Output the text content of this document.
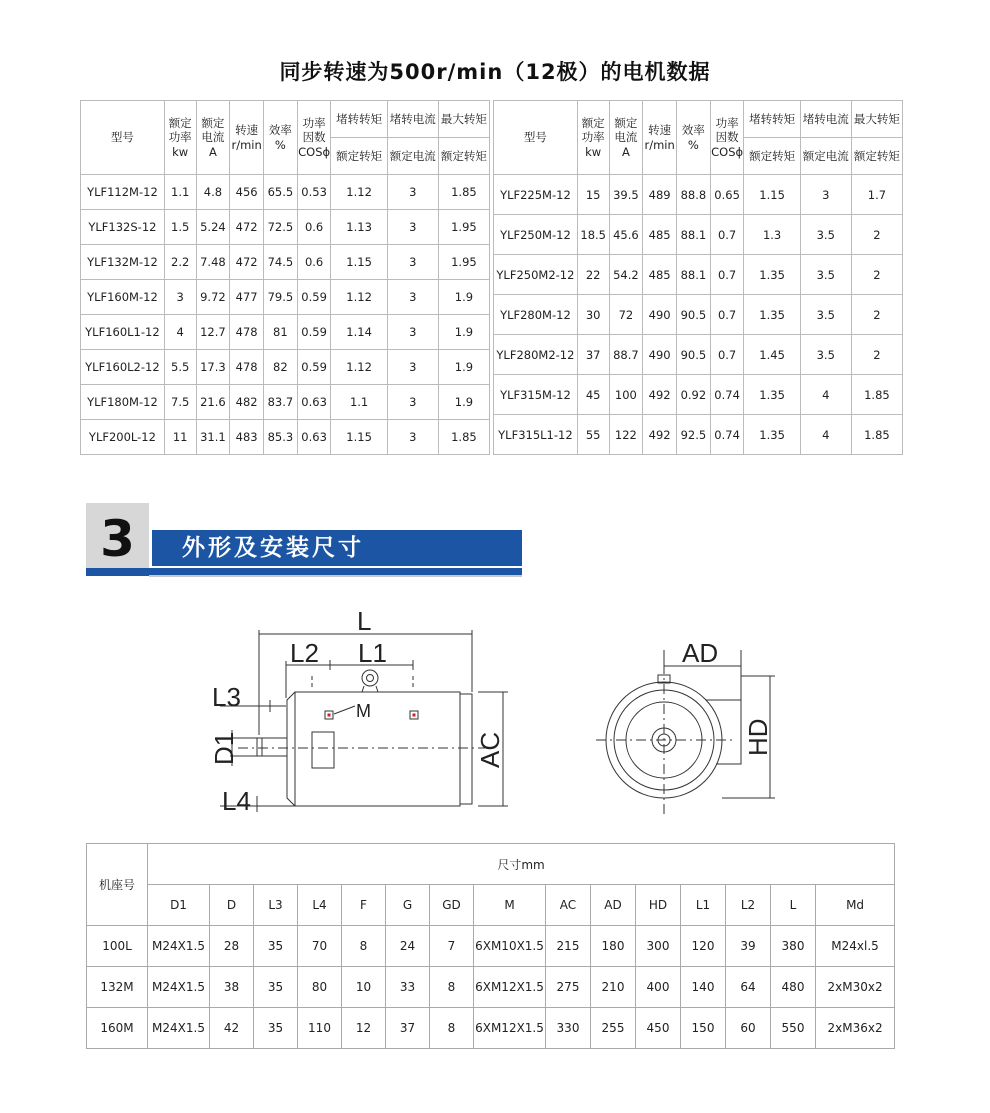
同步转速为500r/min（12极）的电机数据
型号	额定
功率
kw	额定
电流
A	转速
r/min	效率
%	功率
因数
COSϕ	堵转转矩	堵转电流	最大转矩
						额定转矩	额定电流	额定转矩
YLF112M-12	1.1	4.8	456	65.5	0.53	1.12	3	1.85
YLF132S-12	1.5	5.24	472	72.5	0.6	1.13	3	1.95
YLF132M-12	2.2	7.48	472	74.5	0.6	1.15	3	1.95
YLF160M-12	3	9.72	477	79.5	0.59	1.12	3	1.9
YLF160L1-12	4	12.7	478	81	0.59	1.14	3	1.9
YLF160L2-12	5.5	17.3	478	82	0.59	1.12	3	1.9
YLF180M-12	7.5	21.6	482	83.7	0.63	1.1	3	1.9
YLF200L-12	11	31.1	483	85.3	0.63	1.15	3	1.85
型号	额定
功率
kw	额定
电流
A	转速
r/min	效率
%	功率
因数
COSϕ	堵转转矩	堵转电流	最大转矩
						额定转矩	额定电流	额定转矩
YLF225M-12	15	39.5	489	88.8	0.65	1.15	3	1.7
YLF250M-12	18.5	45.6	485	88.1	0.7	1.3	3.5	2
YLF250M2-12	22	54.2	485	88.1	0.7	1.35	3.5	2
YLF280M-12	30	72	490	90.5	0.7	1.35	3.5	2
YLF280M2-12	37	88.7	490	90.5	0.7	1.45	3.5	2
YLF315M-12	45	100	492	0.92	0.74	1.35	4	1.85
YLF315L1-12	55	122	492	92.5	0.74	1.35	4	1.85
3	外形及安装尺寸
L
L2 L1
L3	M
L4
D1	AC
AD
HD
机座号	尺寸mm														
	D1	D	L3	L4	F	G	GD	M	AC	AD	HD	L1	L2	L	Md
100L	M24X1.5	28	35	70	8	24	7	6XM10X1.5	215	180	300	120	39	380	M24xl.5
132M	M24X1.5	38	35	80	10	33	8	6XM12X1.5	275	210	400	140	64	480	2xM30x2
160M	M24X1.5	42	35	110	12	37	8	6XM12X1.5	330	255	450	150	60	550	2xM36x2
